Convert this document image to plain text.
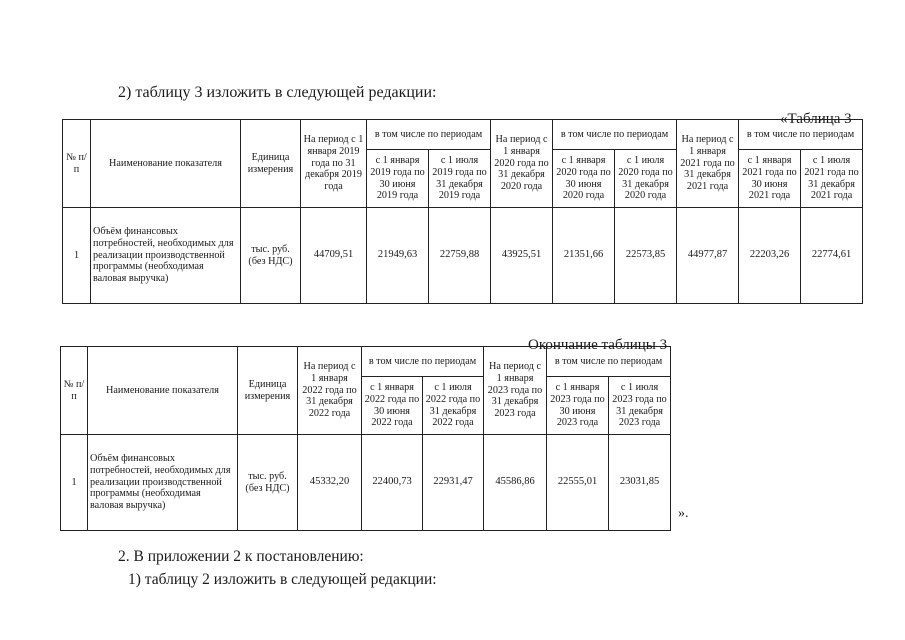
2) таблицу 3 изложить в следующей редакции:
«Таблица 3
№ п/п	Наименование показателя	Единица измерения	На период с 1 января 2019 года по 31 декабря 2019 года	в том числе по периодам		На период с 1 января 2020 года по 31 декабря 2020 года	в том числе по периодам		На период с 1 января 2021 года по 31 декабря 2021 года	в том числе по периодам	
				с 1 января 2019 года по 30 июня 2019 года	с 1 июля 2019 года по 31 декабря 2019 года		с 1 января 2020 года по 30 июня 2020 года	с 1 июля 2020 года по 31 декабря 2020 года		с 1 января 2021 года по 30 июня 2021 года	с 1 июля 2021 года по 31 декабря 2021 года
1	Объём финансовых потребностей, необходимых для реализации производственной программы (необходимая валовая выручка)	тыс. руб. (без НДС)	44709,51	21949,63	22759,88	43925,51	21351,66	22573,85	44977,87	22203,26	22774,61
Окончание таблицы 3
№ п/п	Наименование показателя	Единица измерения	На период с 1 января 2022 года по 31 декабря 2022 года	в том числе по периодам		На период с 1 января 2023 года по 31 декабря 2023 года	в том числе по периодам	
				с 1 января 2022 года по 30 июня 2022 года	с 1 июля 2022 года по 31 декабря 2022 года		с 1 января 2023 года по 30 июня 2023 года	с 1 июля 2023 года по 31 декабря 2023 года
1	Объём финансовых потребностей, необходимых для реализации производственной программы (необходимая валовая выручка)	тыс. руб. (без НДС)	45332,20	22400,73	22931,47	45586,86	22555,01	23031,85
».
2. В приложении 2 к постановлению:
1) таблицу 2 изложить в следующей редакции:
